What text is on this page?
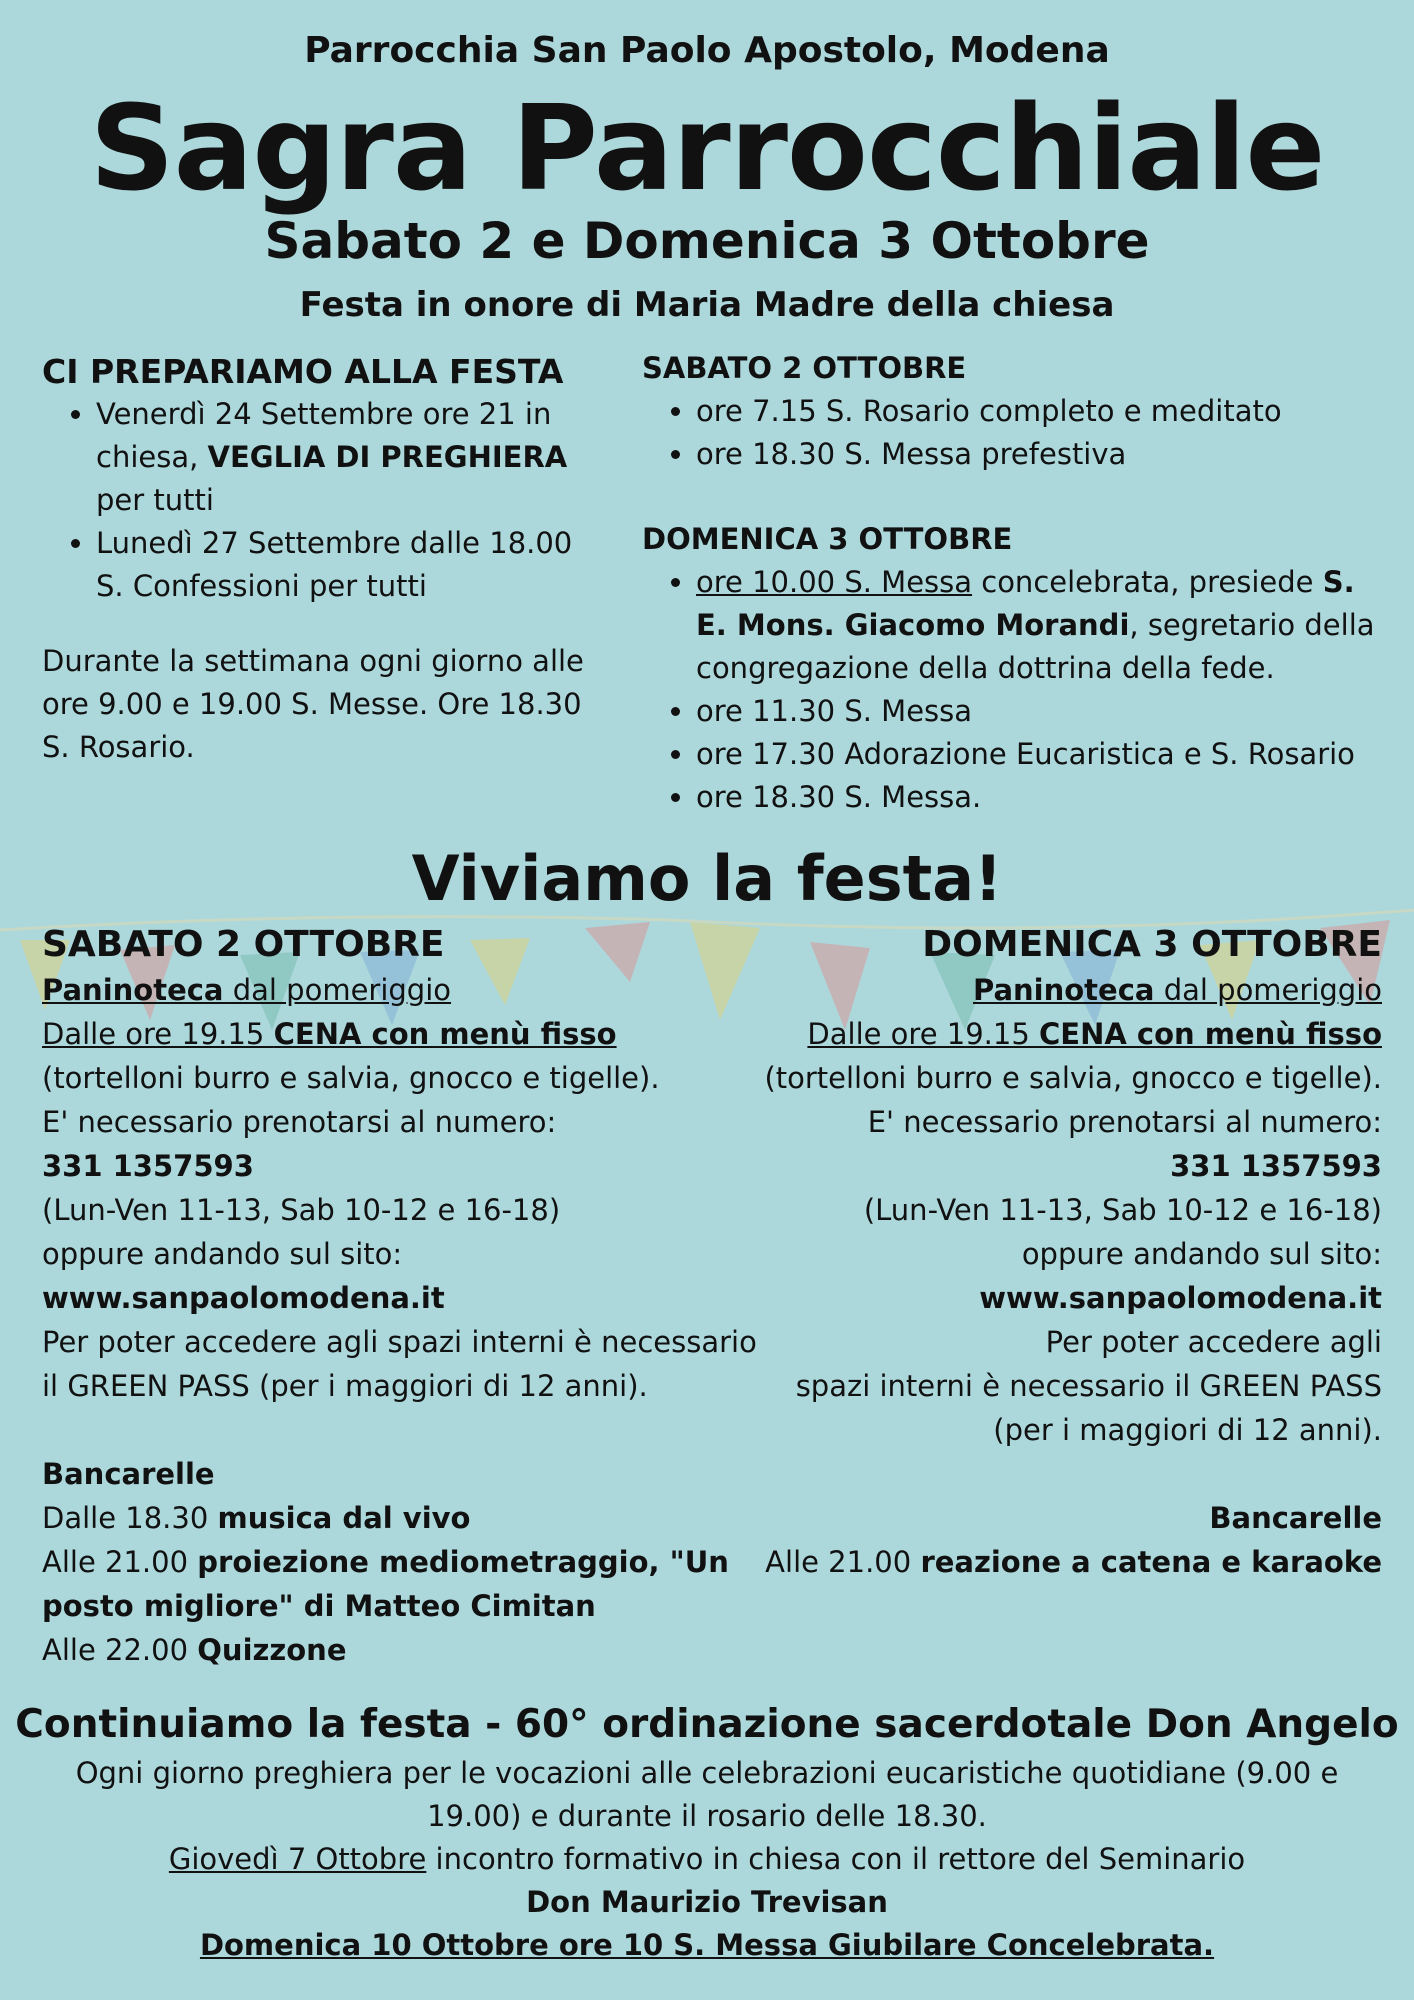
Parrocchia San Paolo Apostolo, Modena
Sagra Parrocchiale
Sabato 2 e Domenica 3 Ottobre
Festa in onore di Maria Madre della chiesa
CI PREPARIAMO ALLA FESTA
• Venerdì 24 Settembre ore 21 in chiesa, VEGLIA DI PREGHIERA per tutti
• Lunedì 27 Settembre dalle 18.00 S. Confessioni per tutti

Durante la settimana ogni giorno alle ore 9.00 e 19.00 S. Messe. Ore 18.30 S. Rosario.

SABATO 2 OTTOBRE
• ore 7.15 S. Rosario completo e meditato
• ore 18.30 S. Messa prefestiva
DOMENICA 3 OTTOBRE
• ore 10.00 S. Messa concelebrata, presiede S. E. Mons. Giacomo Morandi, segretario della congregazione della dottrina della fede.
• ore 11.30 S. Messa
• ore 17.30 Adorazione Eucaristica e S. Rosario
• ore 18.30 S. Messa.
Viviamo la festa!
SABATO 2 OTTOBRE
Paninoteca dal pomeriggio
Dalle ore 19.15 CENA con menù fisso
(tortelloni burro e salvia, gnocco e tigelle).
E' necessario prenotarsi al numero:
331 1357593
(Lun-Ven 11-13, Sab 10-12 e 16-18)
oppure andando sul sito:
www.sanpaolomodena.it
Per poter accedere agli spazi interni è necessario il GREEN PASS (per i maggiori di 12 anni).
Bancarelle
Dalle 18.30 musica dal vivo
Alle 21.00 proiezione mediometraggio, "Un posto migliore" di Matteo Cimitan
Alle 22.00 Quizzone
DOMENICA 3 OTTOBRE
Paninoteca dal pomeriggio
Dalle ore 19.15 CENA con menù fisso
(tortelloni burro e salvia, gnocco e tigelle).
E' necessario prenotarsi al numero:
331 1357593
(Lun-Ven 11-13, Sab 10-12 e 16-18)
oppure andando sul sito:
www.sanpaolomodena.it
Per poter accedere agli
spazi interni è necessario il GREEN PASS
(per i maggiori di 12 anni).
Bancarelle
Alle 21.00 reazione a catena e karaoke
Continuiamo la festa - 60° ordinazione sacerdotale Don Angelo
Ogni giorno preghiera per le vocazioni alle celebrazioni eucaristiche quotidiane (9.00 e 19.00) e durante il rosario delle 18.30.
Giovedì 7 Ottobre incontro formativo in chiesa con il rettore del Seminario
Don Maurizio Trevisan
Domenica 10 Ottobre ore 10 S. Messa Giubilare Concelebrata.
